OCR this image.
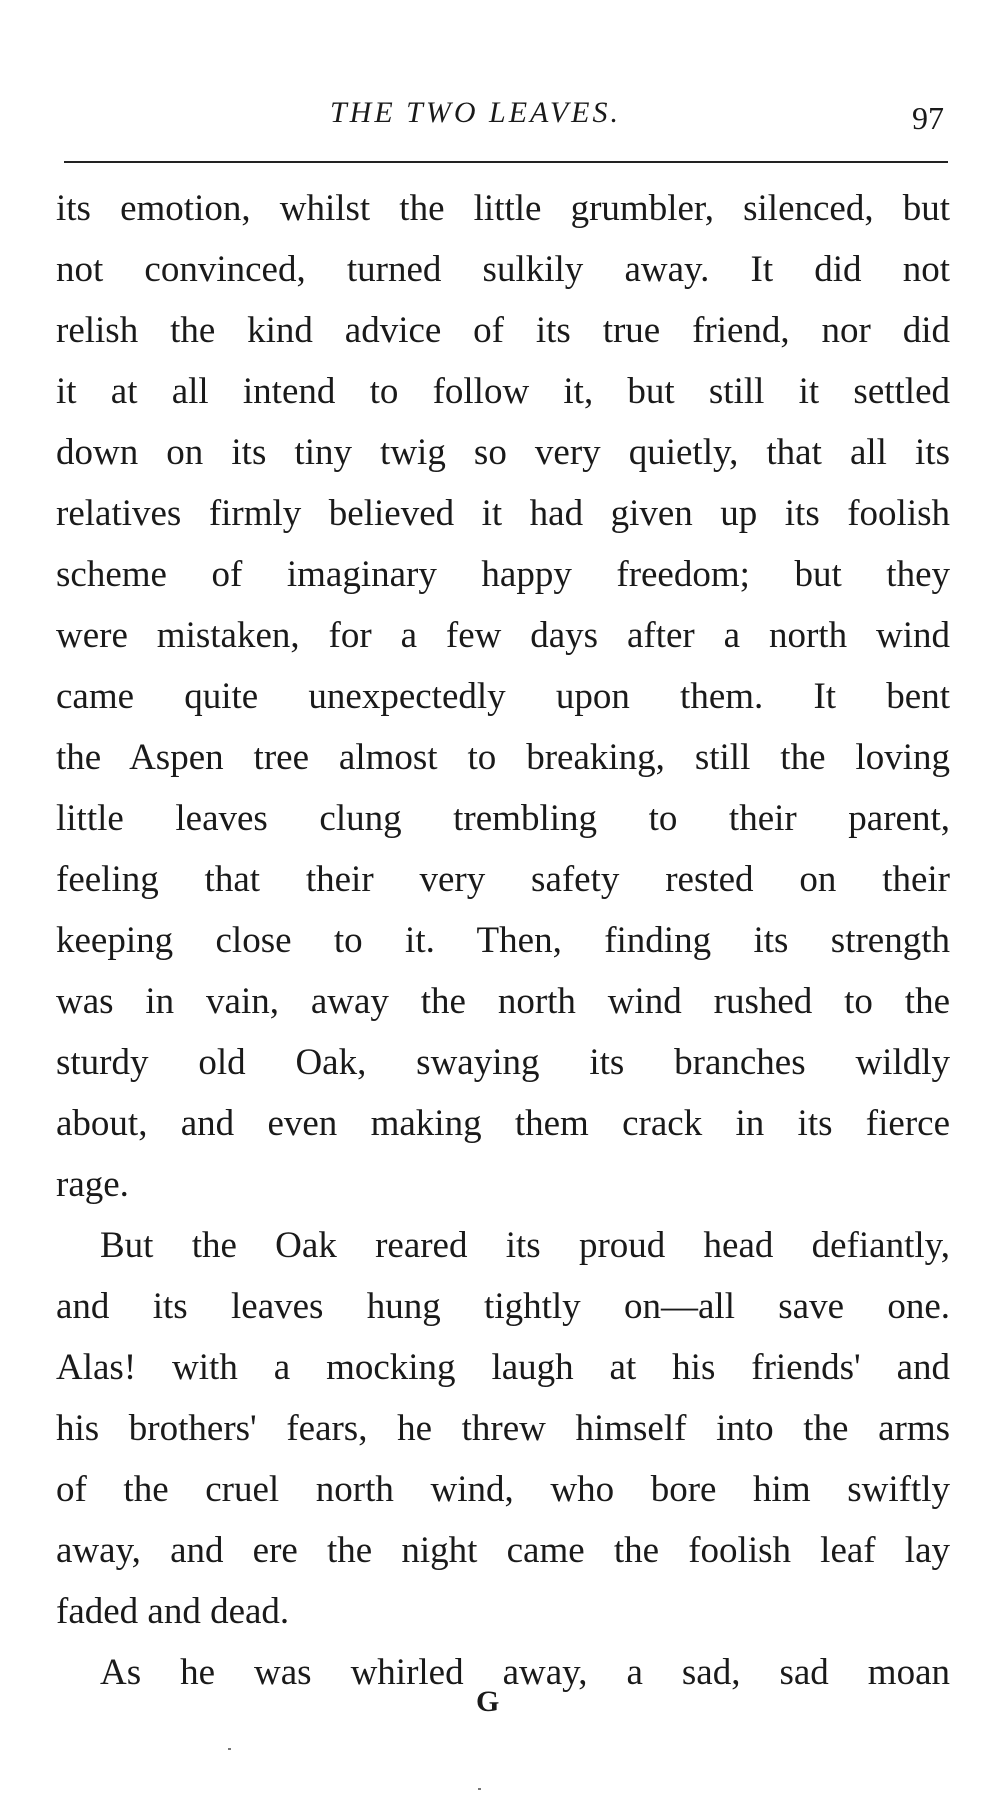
THE TWO LEAVES.	97
its emotion, whilst the little grumbler, silenced, but
not convinced, turned sulkily away. It did not
relish the kind advice of its true friend, nor did
it at all intend to follow it, but still it settled
down on its tiny twig so very quietly, that all its
relatives firmly believed it had given up its foolish
scheme of imaginary happy freedom; but they
were mistaken, for a few days after a north wind
came quite unexpectedly upon them. It bent
the Aspen tree almost to breaking, still the loving
little leaves clung trembling to their parent,
feeling that their very safety rested on their
keeping close to it. Then, finding its strength
was in vain, away the north wind rushed to the
sturdy old Oak, swaying its branches wildly
about, and even making them crack in its fierce
rage.
But the Oak reared its proud head defiantly,
and its leaves hung tightly on—all save one.
Alas! with a mocking laugh at his friends' and
his brothers' fears, he threw himself into the arms
of the cruel north wind, who bore him swiftly
away, and ere the night came the foolish leaf lay
faded and dead.
As he was whirled away, a sad, sad moan
G
